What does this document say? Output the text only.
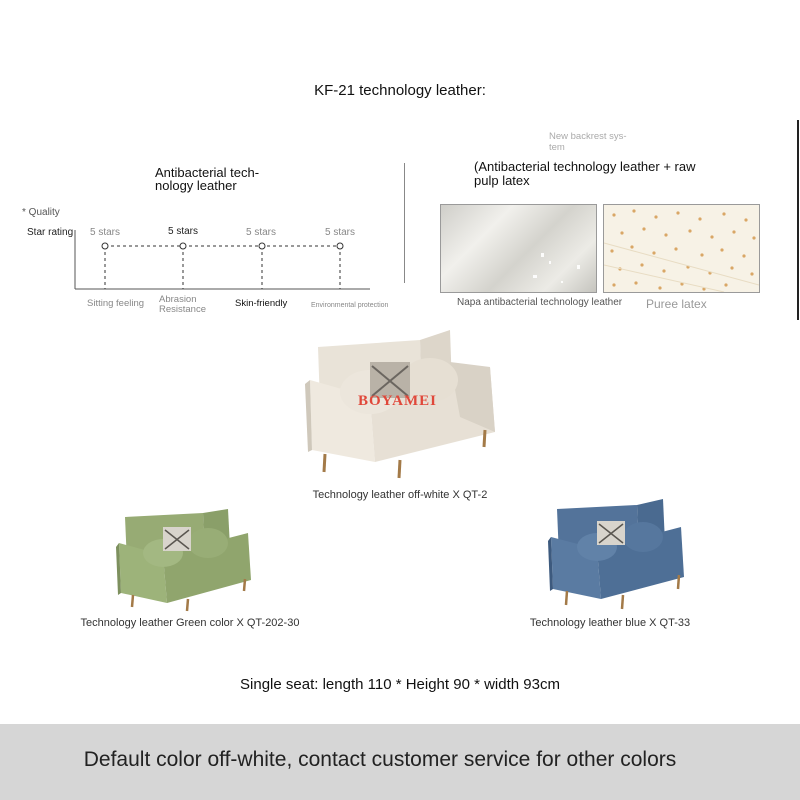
KF-21 technology leather:
Antibacterial tech-
nology leather
* Quality
Star rating 5 stars	5 stars	5 stars	5 stars
Sitting feeling Abrasion
Resistance
Skin-friendly	Environmental protection
New backrest sys-
tem
(Antibacterial technology leather + raw
pulp latex
Napa antibacterial technology leather Puree latex
BOYAMEI
Technology leather off-white X QT-2
Technology leather Green color X QT-202-30	Technology leather blue X QT-33
Single seat: length 110 * Height 90 * width 93cm
Default color off-white, contact customer service for other colors
